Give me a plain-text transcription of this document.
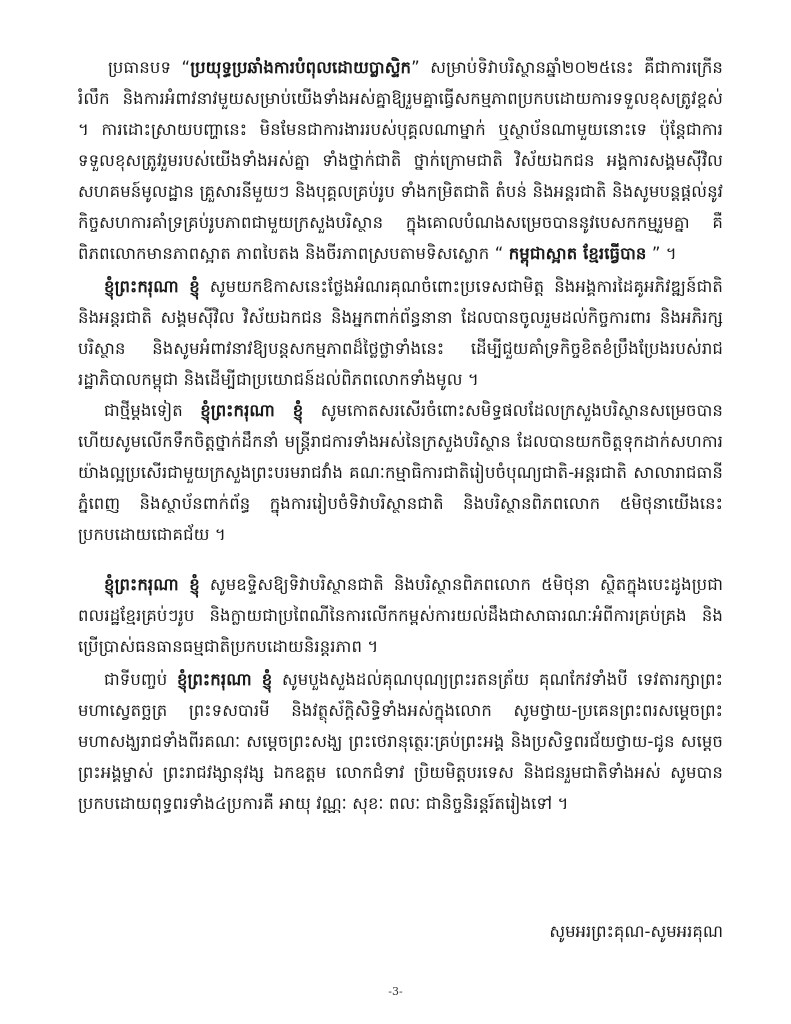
ប្រធានបទ “ប្រយុទ្ធប្រឆាំងការបំពុលដោយប្លាស្ទិក” សម្រាប់ទិវាបរិស្ថានឆ្នាំ២០២៥នេះ គឺជាការក្រើនរំលឹក និងការអំពាវនាវមួយសម្រាប់យើងទាំងអស់គ្នាឱ្យរួមគ្នាធ្វើសកម្មភាពប្រកបដោយការទទួលខុសត្រូវខ្ពស់ ។ ការដោះស្រាយបញ្ហានេះ មិនមែនជាការងាររបស់បុគ្គលណាម្នាក់ ឬស្ថាប័នណាមួយនោះទេ ប៉ុន្តែជាការទទួលខុសត្រូវរួមរបស់យើងទាំងអស់គ្នា ទាំងថ្នាក់ជាតិ ថ្នាក់ក្រោមជាតិ វិស័យឯកជន អង្គការសង្គមស៊ីវិល សហគមន៍មូលដ្ឋាន គ្រួសារនីមួយៗ និងបុគ្គលគ្រប់រូប ទាំងកម្រិតជាតិ តំបន់ និងអន្តរជាតិ និងសូមបន្តផ្តល់នូវកិច្ចសហការគាំទ្រគ្រប់រូបភាពជាមួយក្រសួងបរិស្ថាន ក្នុងគោលបំណងសម្រេចបាននូវបេសកកម្មរួមគ្នា គឺពិភពលោកមានភាពស្អាត ភាពបៃតង និងចីរភាពស្របតាមទិសស្លោក “ កម្ពុជាស្អាត ខ្មែរធ្វើបាន ” ។

ខ្ញុំព្រះករុណា ខ្ញុំ សូមយកឱកាសនេះថ្លែងអំណរគុណចំពោះប្រទេសជាមិត្ត និងអង្គការដៃគូអភិវឌ្ឍន៍ជាតិនិងអន្តរជាតិ សង្គមស៊ីវិល វិស័យឯកជន និងអ្នកពាក់ព័ន្ធនានា ដែលបានចូលរួមដល់កិច្ចការពារ និងអភិរក្សបរិស្ថាន និងសូមអំពាវនាវឱ្យបន្តសកម្មភាពដ៏ថ្លៃថ្លាទាំងនេះ ដើម្បីជួយគាំទ្រកិច្ចខិតខំប្រឹងប្រែងរបស់រាជរដ្ឋាភិបាលកម្ពុជា និងដើម្បីជាប្រយោជន៍ដល់ពិភពលោកទាំងមូល ។

ជាថ្មីម្តងទៀត ខ្ញុំព្រះករុណា ខ្ញុំ សូមកោតសរសើរចំពោះសមិទ្ធផលដែលក្រសួងបរិស្ថានសម្រេចបាន ហើយសូមលើកទឹកចិត្តថ្នាក់ដឹកនាំ មន្ត្រីរាជការទាំងអស់នៃក្រសួងបរិស្ថាន ដែលបានយកចិត្តទុកដាក់សហការយ៉ាងល្អប្រសើរជាមួយក្រសួងព្រះបរមរាជវាំង គណៈកម្មាធិការជាតិរៀបចំបុណ្យជាតិ-អន្តរជាតិ សាលារាជធានីភ្នំពេញ និងស្ថាប័នពាក់ព័ន្ធ ក្នុងការរៀបចំទិវាបរិស្ថានជាតិ និងបរិស្ថានពិភពលោក ៥មិថុនាយើងនេះ ប្រកបដោយជោគជ័យ ។

ខ្ញុំព្រះករុណា ខ្ញុំ សូមឧទ្ទិសឱ្យទិវាបរិស្ថានជាតិ និងបរិស្ថានពិភពលោក ៥មិថុនា ស្ថិតក្នុងបេះដូងប្រជាពលរដ្ឋខ្មែរគ្រប់ៗរូប និងក្លាយជាប្រពៃណីនៃការលើកកម្ពស់ការយល់ដឹងជាសាធារណៈអំពីការគ្រប់គ្រង និងប្រើប្រាស់ធនធានធម្មជាតិប្រកបដោយនិរន្តរភាព ។

ជាទីបញ្ចប់ ខ្ញុំព្រះករុណា ខ្ញុំ សូមបួងសួងដល់គុណបុណ្យព្រះរតនត្រ័យ គុណកែវទាំងបី ទេវតារក្សាព្រះមហាស្វេតច្ឆត្រ ព្រះទសបារមី និងវត្ថុស័ក្តិសិទ្ធិទាំងអស់ក្នុងលោក សូមថ្វាយ-ប្រគេនព្រះពរសម្តេចព្រះមហាសង្ឃរាជទាំងពីរគណៈ សម្តេចព្រះសង្ឃ ព្រះថេរានុត្ថេរៈគ្រប់ព្រះអង្គ និងប្រសិទ្ធពរជ័យថ្វាយ-ជូន សម្តេច ព្រះអង្គម្ចាស់ ព្រះរាជវង្សានុវង្ស ឯកឧត្តម លោកជំទាវ ប្រិយមិត្តបរទេស និងជនរួមជាតិទាំងអស់ សូមបានប្រកបដោយពុទ្ធពរទាំង៤ប្រការគឺ អាយុ វណ្ណៈ សុខៈ ពលៈ ជានិច្ចនិរន្តរ៍តរៀងទៅ ។

សូមអរព្រះគុណ-សូមអរគុណ
-3-
